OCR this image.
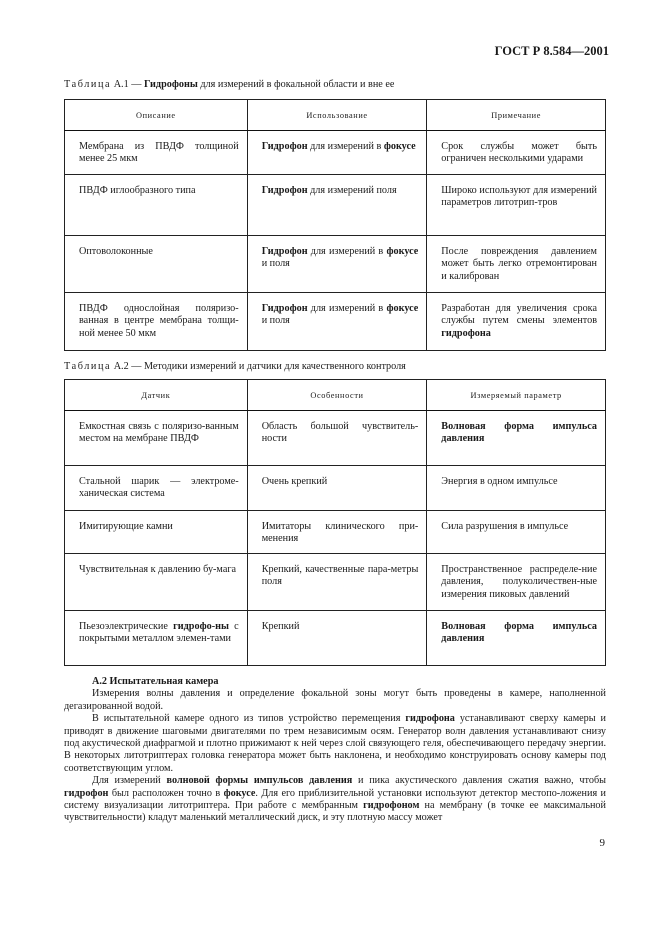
ГОСТ Р 8.584—2001
Таблица А.1 — Гидрофоны для измерений в фокальной области и вне ее
Описание	Использование	Примечание
Мембрана из ПВДФ толщиной менее 25 мкм	Гидрофон для измерений в фокусе	Срок службы может быть ограничен несколькими ударами
ПВДФ иглообразного типа	Гидрофон для измерений поля	Широко используют для измерений параметров литотрип-тров
Оптоволоконные	Гидрофон для измерений в фокусе и поля	После повреждения давлением может быть легко отремонтирован и калиброван
ПВДФ однослойная поляризо-ванная в центре мембрана толщи-ной менее 50 мкм	Гидрофон для измерений в фокусе и поля	Разработан для увеличения срока службы путем смены элементов гидрофона
Таблица А.2 — Методики измерений и датчики для качественного контроля
Датчик	Особенности	Измеряемый параметр
Емкостная связь с поляризо-ванным местом на мембране ПВДФ	Область большой чувствитель-ности	Волновая форма импульса давления
Стальной шарик — электроме-ханическая система	Очень крепкий	Энергия в одном импульсе
Имитирующие камни	Имитаторы клинического при-менения	Сила разрушения в импульсе
Чувствительная к давлению бу-мага	Крепкий, качественные пара-метры поля	Пространственное распределе-ние давления, полуколичествен-ные измерения пиковых давлений
Пьезоэлектрические гидрофо-ны с покрытыми металлом элемен-тами	Крепкий	Волновая форма импульса давления
А.2 Испытательная камера

Измерения волны давления и определение фокальной зоны могут быть проведены в камере, наполненной дегазированной водой.

В испытательной камере одного из типов устройство перемещения гидрофона устанавливают сверху камеры и приводят в движение шаговыми двигателями по трем независимым осям. Генератор волн давления устанавливают снизу под акустической диафрагмой и плотно прижимают к ней через слой связующего геля, обеспечивающего передачу энергии. В некоторых литотриптерах головка генератора может быть наклонена, и необходимо конструировать основу камеры под соответствующим углом.

Для измерений волновой формы импульсов давления и пика акустического давления сжатия важно, чтобы гидрофон был расположен точно в фокусе. Для его приблизительной установки используют детектор местопо-ложения и систему визуализации литотриптера. При работе с мембранным гидрофоном на мембрану (в точке ее максимальной чувствительности) кладут маленький металлический диск, и эту плотную массу может

9
